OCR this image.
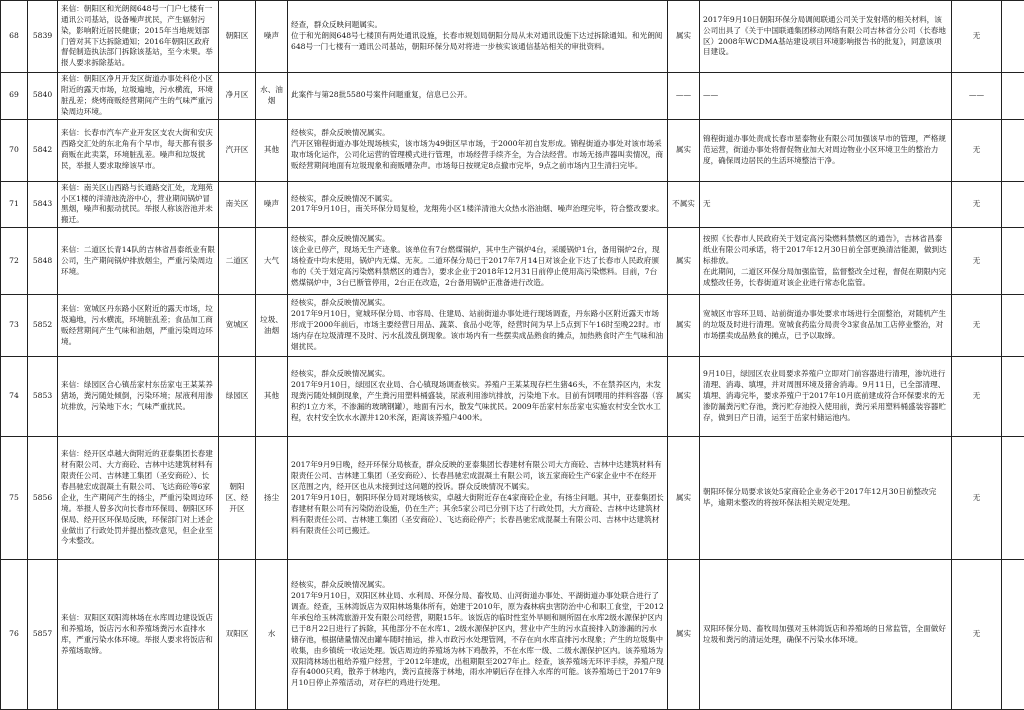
68	5839	来信：朝阳区和光朗阅648号一门户七楼有一通讯公司基站，设备噪声扰民，产生辐射污染，影响附近居民健康；2015年当地规划部门曾对其下达拆除通知；2016年朝阳区政府督促制造执法部门拆除该基站，至今未果。举报人要求拆除基站。	朝阳区	噪声	经查，群众反映问题属实。
位于和光朗阅648号七楼顶有两处通讯设施，长春市规划局朝阳分局从未对通讯设施下达过拆除通知。和光朗阅648号一门七楼有一通讯公司基站，朝阳环保分局对将进一步核实该通信基站相关的审批资料。	属实	2017年9月10日朝阳环保分局调阅联通公司关于发射塔的相关材料，该公司出具了《关于中国联通集团移动网络有限公司吉林省分公司（长春地区）2008年WCDMA基站建设项目环境影响报告书的批复》，同意该项目建设。	无	
69	5840	来信：朝阳区净月开发区街道办事处科伦小区附近的露天市场，垃圾遍地，污水横流，环境脏乱差；烧烤商贩经营期间产生的气味严重污染周边环境。	净月区	水、油烟	此案件与第28批5580号案件问题重复，信息已公开。	——	——	——	
70	5842	来信：长春市汽车产业开发区支农大街和安庆西路交汇处的东北角有个早市，每天都有很多商贩在此卖菜，环境脏乱差。噪声和垃圾扰民，举报人要求取缔该早市。	汽开区	其他	经核实，群众反映情况属实。
汽开区锦程街道办事处现场核实，该市场为49街区早市场，于2000年初自发形成。锦程街道办事处对该市场采取市场化运作，公司化运营的管理模式进行管理，市场经营手续齐全，为合法经营。市场无扬声器叫卖情况，商贩经营期间地面有垃圾现象和商贩嘈杂声。市场每日按规定8点撤市完毕，9点之前市场内卫生清扫完毕。	属实	锦程街道办事处责成长春市星泰物业有限公司加强该早市的管理，严格规范运营，街道办事处将督促物业加大对周边物业小区环境卫生的整治力度，确保周边居民的生活环境整洁干净。	无	
71	5843	来信：南关区山西路与长通路交汇处，龙翔苑小区1楼的洋清池洗浴中心，营业期间锅炉冒黑烟，噪声和振动扰民。举报人称该浴池并未搬迁。	南关区	噪声	经核实，群众反映情况不属实。
2017年9月10日，南关环保分局复检，龙翔苑小区1楼洋清池大众热水浴油烟、噪声治理完毕，符合整改要求。	不属实	无	无	
72	5848	来信：二道区长青14队的吉林省昌泰纸业有限公司，生产期间锅炉排放烟尘，严重污染周边环境。	二道区	大气	经核实，群众反映情况属实。
该企业已停产，现场无生产迹象。该单位有7台燃煤锅炉，其中生产锅炉4台，采暖锅炉1台，备用锅炉2台，现场检查中均未使用，锅炉内无煤、无灰。二道环保分局已于2017年7月14日对该企业下达了长春市人民政府颁布的《关于划定高污染燃料禁燃区的通告》，要求企业于2018年12月31日前停止使用高污染燃料。目前，7台燃煤锅炉中，3台已断管停用，2台正在改造，2台备用锅炉正准备进行改造。	属实	按照《长春市人民政府关于划定高污染燃料禁燃区的通告》，吉林省昌泰纸业有限公司承诺，将于2017年12月30日前全部更换清洁能源，做到达标排放。
在此期间，二道区环保分局加强监管，监督整改全过程，督促在期限内完成整改任务，长春街道对该企业进行常态化监管。	无	
73	5852	来信：宽城区丹东路小区附近的露天市场，垃圾遍地，污水横流，环境脏乱差；食品加工商贩经营期间产生气味和油烟，严重污染周边环境。	宽城区	垃圾、油烟	经核实，群众反映情况属实。
2017年9月10日，宽城环保分局、市容局、住建局、站前街道办事处进行现场调查，丹东路小区附近露天市场形成于2000年前后，市场主要经营日用品、蔬菜、食品小吃等，经营时间为早上5点到下午16时至晚22时。市场内存在垃圾清理不及时、污水乱泼乱倒现象。该市场内有一些摆卖成品熟食的摊点，加热熟食时产生气味和油烟扰民。	属实	宽城区市容环卫局、站前街道办事处要求市场进行全面整治，对随机产生的垃圾及时进行清理。宽城食药监分局责令3家食品加工店停业整治，对市场摆卖成品熟食的摊点，已予以取缔。	无	
74	5853	来信：绿园区合心镇岳家村东岳家屯王某某养猪场，粪污随处倾倒，污染环境；尿液利用渗坑排放，污染地下水；气味严重扰民。	绿园区	其他	经核实，群众反映情况属实。
2017年9月10日，绿园区农业局、合心镇现场调查核实。养殖户王某某现存栏生猪46头，不在禁养区内，未发现粪污随处倾倒现象，产生粪污用塑料桶盛装，尿液利用渗坑排放，污染地下水。目前有饲喂用的拌料容器（容积约1立方米，不渗漏的玻璃钢罐），地面有污水，散发气味扰民。2009年岳家村东岳家屯实施农村安全饮水工程，农村安全饮水水源井120米深，距离该养殖户400米。	属实	9月10日，绿园区农业局要求养殖户立即对门前容器进行清理，渗坑进行清理、消毒、填埋，并对周围环境及猪舍消毒。9月11日，已全部清理、填埋、消毒完毕，要求养殖户于2017年10月底前建成符合环保要求的无渗防漏粪污贮存池，粪污贮存池投入使用前，粪污采用塑料桶盛装容器贮存，做到日产日清，运至于岳家村储运池内。	无	
75	5856	来信：经开区卓越大街附近的亚泰集团长春建材有限公司、大方商砼、吉林中达建筑材料有限责任公司、吉林建工集团（圣安商砼）、长春昌驰宏成混凝土有限公司、飞达商砼等6家企业，生产期间产生的扬尘，严重污染周边环境。举报人曾多次向长春市环保局、朝阳区环保局、经开区环保局反映，环保部门对上述企业做出了行政处罚并提出整改意见，但企业至今未整改。	朝阳区、经开区	扬尘	2017年9月9日晚，经开环保分局核查，群众反映的亚泰集团长春建材有限公司大方商砼、吉林中达建筑材料有限责任公司、吉林建工集团（圣安商砼）、长春昌驰宏成混凝土有限公司，该五家商砼生产6家企业中不在经开区范围之内，经开区也从未接到过这问题的投诉。群众反映情况不属实。
2017年9月10日，朝阳环保分局对现场核实，卓越大街附近存在4家商砼企业，有扬尘问题。其中，亚泰集团长春建材有限公司有污染防治设施，仍在生产；其余5家公司已分别下达了行政处罚，大方商砼、吉林中达建筑材料有限责任公司、吉林建工集团（圣安商砼）、飞达商砼停产；长春昌驰宏成混凝土有限公司、吉林中达建筑材料有限责任公司已搬迁。	属实	朝阳环保分局要求该处5家商砼企业务必于2017年12月30日前整改完毕，逾期未整改的将按环保法相关规定处理。	无	
76	5857	来信：双阳区双阳湾林场在水库周边建设饭店和养殖场，饭店污水和养殖场粪污水直排水库，严重污染水体环境。举报人要求将饭店和养殖场取缔。	双阳区	水	经核实，群众反映情况属实。
2017年9月10日，双阳区林业局、水利局、环保分局、畜牧局、山河街道办事处、平湖街道办事处联合进行了调查。经查，玉林湾饭店为双阳林场集体所有，始建于2010年，原为森林病虫害防治中心和职工食堂，于2012年承包给玉林湾旅游开发有限公司经营，期限15年。该饭店的临时性室外旱厕和厕所固在水库2级水源保护区内已于8月22日进行了拆除，其他部分不在水库1、2级水源保护区内，营业中产生的污水直接排入防渗漏的污水储存池，根据储量情况由罐车随时抽运，排入市政污水处理管网，不存在向水库直排污水现象；产生的垃圾集中收集，由乡镇统一收运处理。饭店周边的养殖场为林下鸡散养，不在水库一级、二级水源保护区内。该养殖场为双阳湾林场出租给养殖户经营，于2012年建成，出租期限至2027年止。经查，该养殖场无环评手续，养殖户现存有4000只鸡，散养于林地内，粪污直接落于林地，雨水冲刷后存在排入水库的可能。该养殖场已于2017年9月10日停止养殖活动，对存栏的鸡进行处理。	属实	双阳环保分局、畜牧局加强对玉林湾饭店和养殖场的日常监管，全面做好垃圾和粪污的清运处理，确保不污染水体环境。	无	
